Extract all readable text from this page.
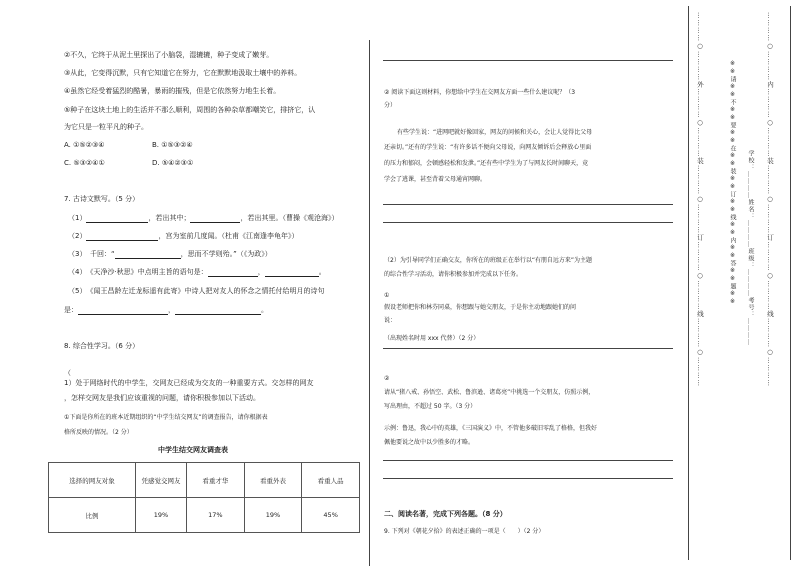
②不久，它终于从泥土里探出了小脑袋，湿辘辘，种子变成了嫩芽。
③从此，它变得沉默，只有它知道它在努力，它在默默地汲取土壤中的养料。
④虽然它经受着猛烈的酷暑，暴雨的摧残，但是它依然努力地生长着。
⑤种子在这块土地上的生活并不那么顺利，周围的各种杂草都嘲笑它，排挤它，认
为它只是一粒平凡的种子。
A. ①⑤②③④	B. ①⑤③②④
C. ⑤③②④①	D. ⑤④②③①
7. 古诗文默写。（5 分）
（1）	，若出其中；	，若出其里。（曹操《观沧海》）
（2）	，宫为室前几度闻。（杜甫《江南逢李龟年》）
（3）　千回：“	，思而不学则殆。”（《为政》）
（4）　《天净沙·秋思》中点明主旨的语句是：	，	。
（5）　《闻王昌龄左迁龙标遥有此寄》中诗人把对友人的怀念之情托付给明月的诗句
是：	，	。
8. 综合性学习。（6 分）
（
1）处于网络时代的中学生，交网友已经成为交友的一种重要方式。交怎样的网友
，怎样交网友是我们应该重视的问题，请你积极参加以下活动。
①下面是你所在的班本近期组织的“中学生结交网友”的调查报告，请你根据表
格所反映的情况。（2 分）
中学生结交网友调查表
选择的网友对象	凭感觉交网友	看重才华	看重外表	看重人品
比例	19%	17%	19%	45%
② 阅读下面这则材料，你想给中学生在交网友方面一些什么建议呢？（3
分）
有些学生说：“进网吧就好像回家，网友的问候和关心，会让人觉得比父母
还亲切。”还有的学生说：“有许多话不便向父母说，向网友倾诉后会释放心里面
的压力和郁闷，会顿感轻松和发泄。”还有些中学生为了与网友长时间聊天，竟
学会了逃课，甚至背着父母通宵网聊。
（2）为引导同学们正确交友，你所在的班级正在举行以“有朋自远方来”为主题
的综合性学习活动，请你积极参加并完成以下任务。
①
假设老师把你和林芬同桌，你想跟与她交朋友，于是你主动地跟她们的问
说：
（出现姓名时用 xxx 代替）（2 分）
②
请从“猪八戒、孙悟空、武松、鲁滨逊、诸葛亮”中挑选一个交朋友，仿照示例，
写出理由，不超过 50 字。（3 分）
示例：鲁迅，我心中的英雄，《三国演义》中，不管他多破旧零乱了格格，但我好
佩他要说之故中以少胜多的才略。
二、阅读名著，完成下列各题。（8 分）
9. 下列对《朝花夕拾》的表述正确的一项是（　　）（2 分）
…………○…………外…………○…………装…………○…………订…………○…………线…………○…………	※※请※※不※※要※※在※※装※※订※※线※※内※※答※※题※※ 学校：＿＿＿＿姓名：＿＿＿＿班级：＿＿＿＿考号：＿＿＿＿ …………○…………内…………○…………装…………○…………订…………○…………线…………○…………
